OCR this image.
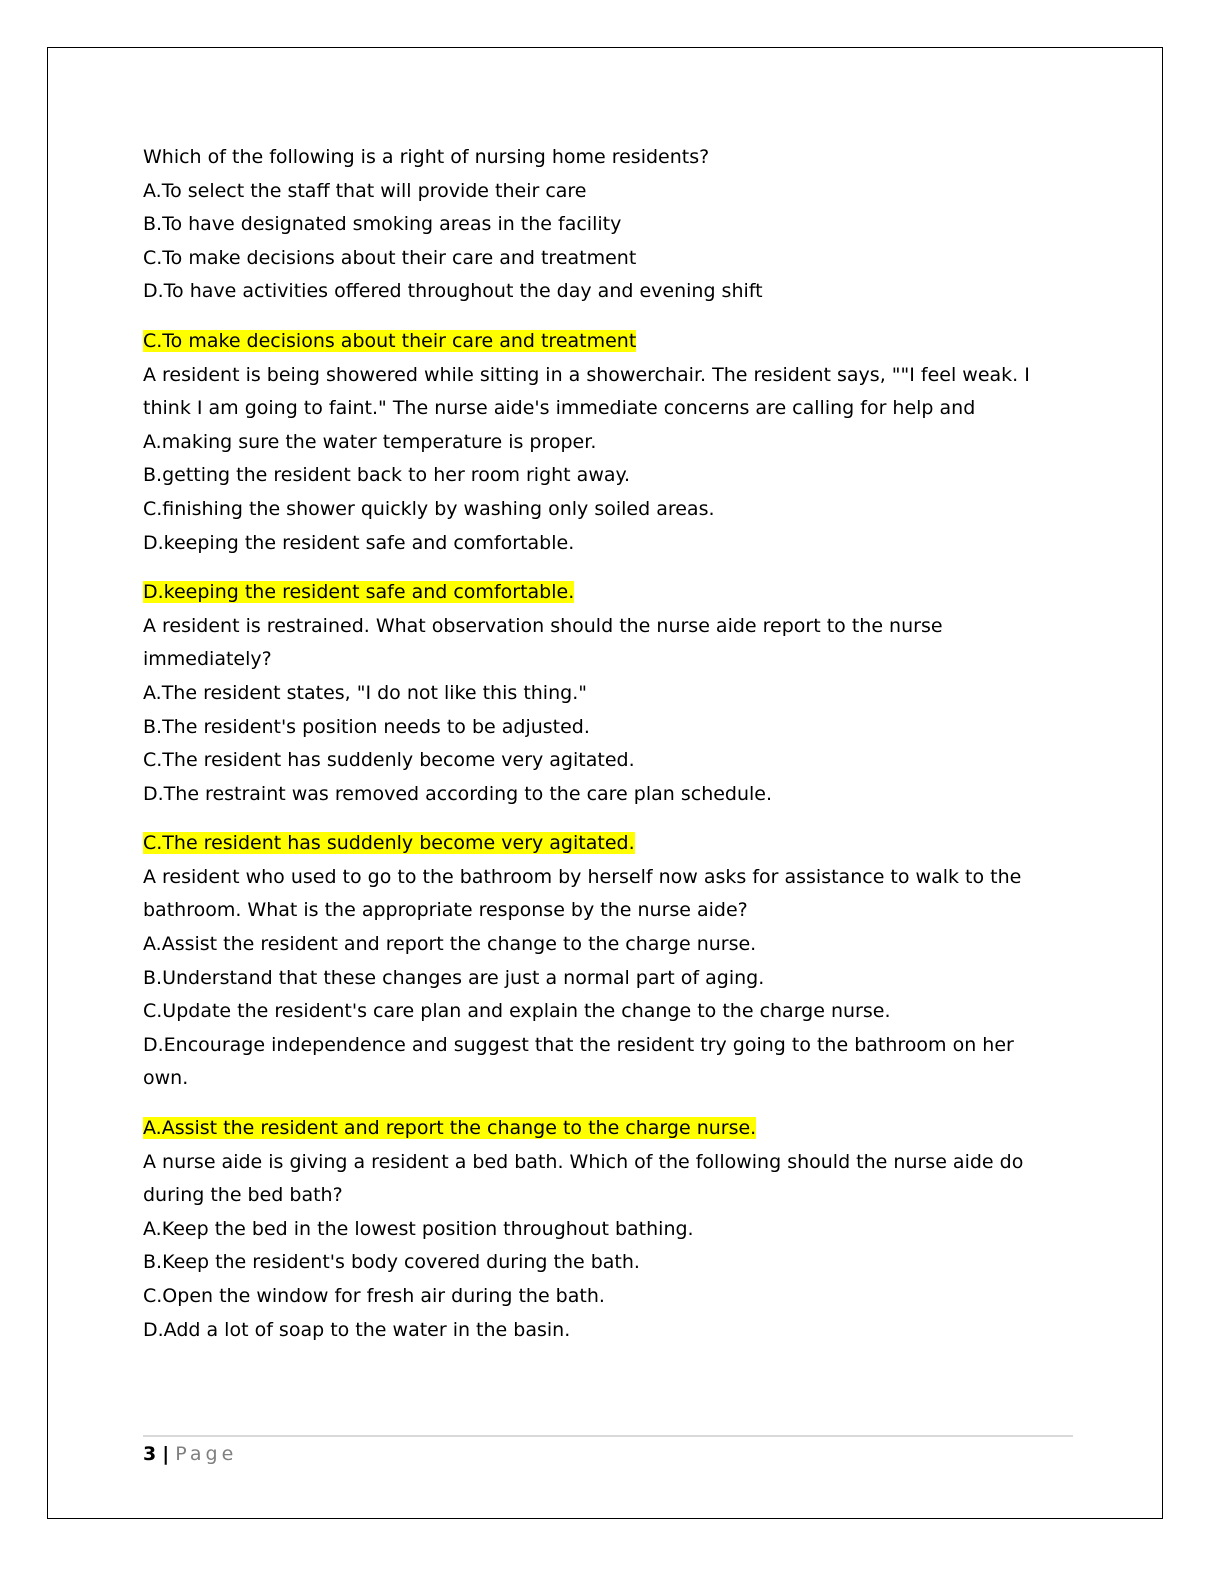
Which of the following is a right of nursing home residents?

A.To select the staff that will provide their care

B.To have designated smoking areas in the facility

C.To make decisions about their care and treatment

D.To have activities offered throughout the day and evening shift

C.To make decisions about their care and treatment

A resident is being showered while sitting in a showerchair. The resident says, ""I feel weak. I

think I am going to faint." The nurse aide's immediate concerns are calling for help and

A.making sure the water temperature is proper.

B.getting the resident back to her room right away.

C.finishing the shower quickly by washing only soiled areas.

D.keeping the resident safe and comfortable.

D.keeping the resident safe and comfortable.

A resident is restrained. What observation should the nurse aide report to the nurse

immediately?

A.The resident states, "I do not like this thing."

B.The resident's position needs to be adjusted.

C.The resident has suddenly become very agitated.

D.The restraint was removed according to the care plan schedule.

C.The resident has suddenly become very agitated.

A resident who used to go to the bathroom by herself now asks for assistance to walk to the

bathroom. What is the appropriate response by the nurse aide?

A.Assist the resident and report the change to the charge nurse.

B.Understand that these changes are just a normal part of aging.

C.Update the resident's care plan and explain the change to the charge nurse.

D.Encourage independence and suggest that the resident try going to the bathroom on her

own.

A.Assist the resident and report the change to the charge nurse.

A nurse aide is giving a resident a bed bath. Which of the following should the nurse aide do

during the bed bath?

A.Keep the bed in the lowest position throughout bathing.

B.Keep the resident's body covered during the bath.

C.Open the window for fresh air during the bath.

D.Add a lot of soap to the water in the basin.

3 | Page
